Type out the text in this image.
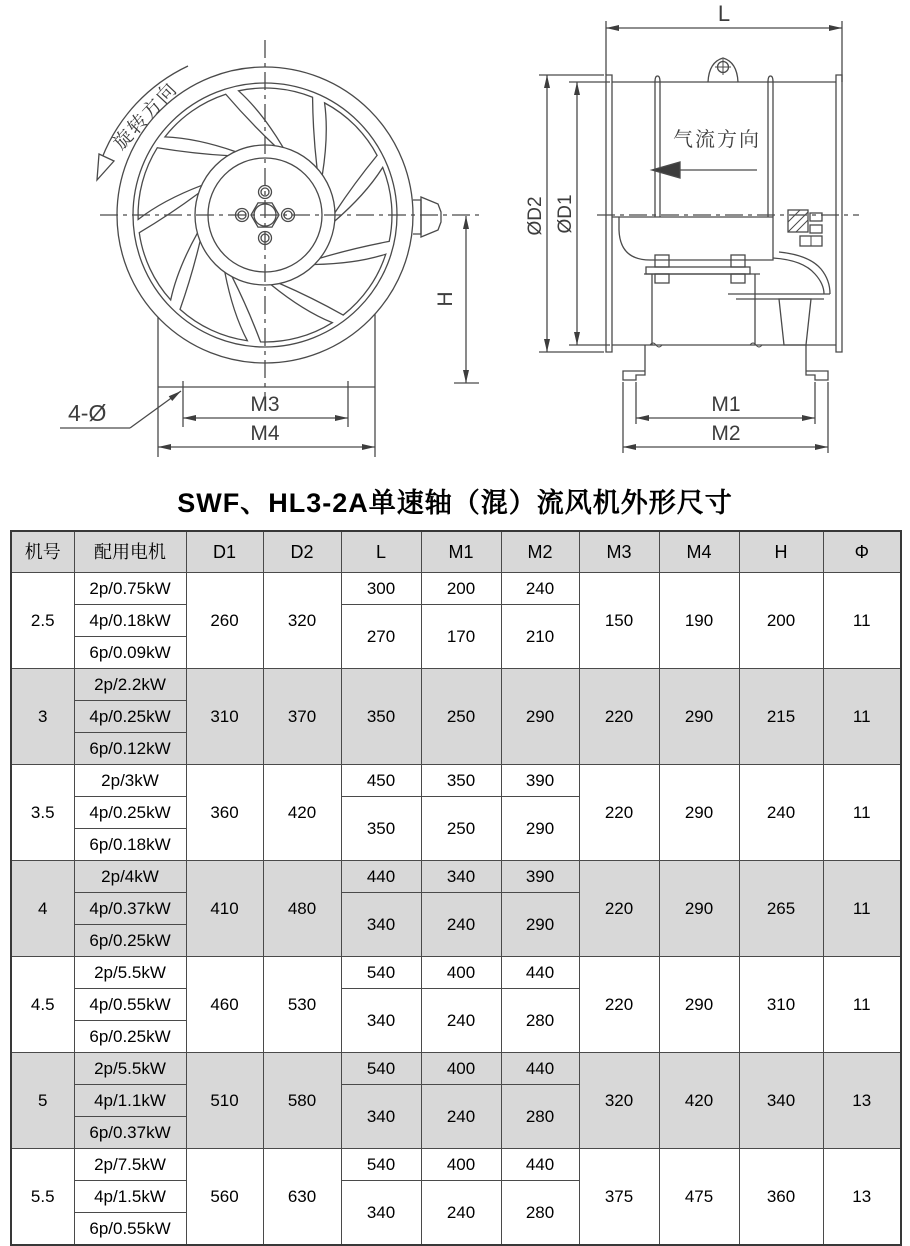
旋转方向
4-Ø	M3
M4
H
L
气流方向
ØD2 ØD1
M1
M2
SWF、HL3-2A单速轴（混）流风机外形尺寸
机号	配用电机	D1	D2	L	M1	M2	M3	M4	H	Φ
2.5	2p/0.75kW	260	320	300	200	240	150	190	200	11
	4p/0.18kW			270	170	210				
	6p/0.09kW									
3	2p/2.2kW	310	370	350	250	290	220	290	215	11
	4p/0.25kW									
	6p/0.12kW									
3.5	2p/3kW	360	420	450	350	390	220	290	240	11
	4p/0.25kW			350	250	290				
	6p/0.18kW									
4	2p/4kW	410	480	440	340	390	220	290	265	11
	4p/0.37kW			340	240	290				
	6p/0.25kW									
4.5	2p/5.5kW	460	530	540	400	440	220	290	310	11
	4p/0.55kW			340	240	280				
	6p/0.25kW									
5	2p/5.5kW	510	580	540	400	440	320	420	340	13
	4p/1.1kW			340	240	280				
	6p/0.37kW									
5.5	2p/7.5kW	560	630	540	400	440	375	475	360	13
	4p/1.5kW			340	240	280				
	6p/0.55kW									
